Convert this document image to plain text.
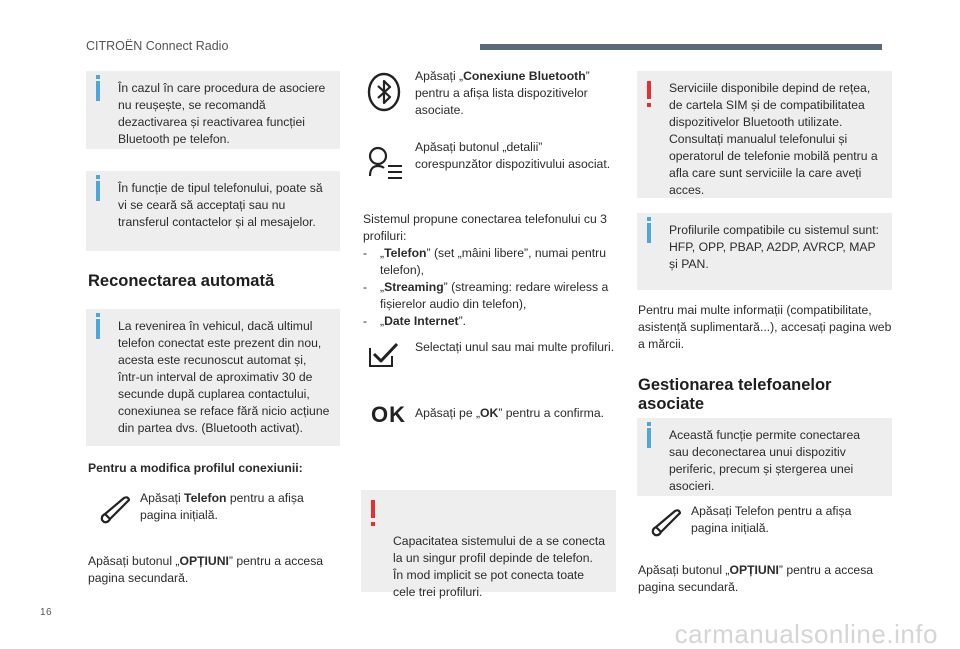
CITROËN Connect Radio
În cazul în care procedura de asociere nu reușește, se recomandă dezactivarea și reactivarea funcției Bluetooth pe telefon.
În funcție de tipul telefonului, poate să vi se ceară să acceptați sau nu transferul contactelor și al mesajelor.
Reconectarea automată
La revenirea în vehicul, dacă ultimul telefon conectat este prezent din nou, acesta este recunoscut automat și, într-un interval de aproximativ 30 de secunde după cuplarea contactului, conexiunea se reface fără nicio acțiune din partea dvs. (Bluetooth activat).
Pentru a modifica profilul conexiunii:
Apăsați Telefon pentru a afișa pagina inițială.
Apăsați butonul „OPȚIUNI” pentru a accesa pagina secundară.
Apăsați „Conexiune Bluetooth” pentru a afișa lista dispozitivelor asociate.
Apăsați butonul „detalii” corespunzător dispozitivului asociat.
Sistemul propune conectarea telefonului cu 3 profiluri:
- „Telefon” (set „mâini libere”, numai pentru telefon),
- „Streaming” (streaming: redare wireless a fișierelor audio din telefon),
- „Date Internet”.
Selectați unul sau mai multe profiluri.
OK Apăsați pe „OK” pentru a confirma.

Capacitatea sistemului de a se conecta la un singur profil depinde de telefon.
În mod implicit se pot conecta toate cele trei profiluri.

Serviciile disponibile depind de rețea, de cartela SIM și de compatibilitatea dispozitivelor Bluetooth utilizate. Consultați manualul telefonului și operatorul de telefonie mobilă pentru a afla care sunt serviciile la care aveți acces.
Profilurile compatibile cu sistemul sunt: HFP, OPP, PBAP, A2DP, AVRCP, MAP și PAN.
Pentru mai multe informații (compatibilitate, asistență suplimentară...), accesați pagina web a mărcii.
Gestionarea telefoanelor asociate
Această funcție permite conectarea sau deconectarea unui dispozitiv periferic, precum și ștergerea unei asocieri.
Apăsați Telefon pentru a afișa pagina inițială.
Apăsați butonul „OPȚIUNI” pentru a accesa pagina secundară.
16
carmanualsonline.info
